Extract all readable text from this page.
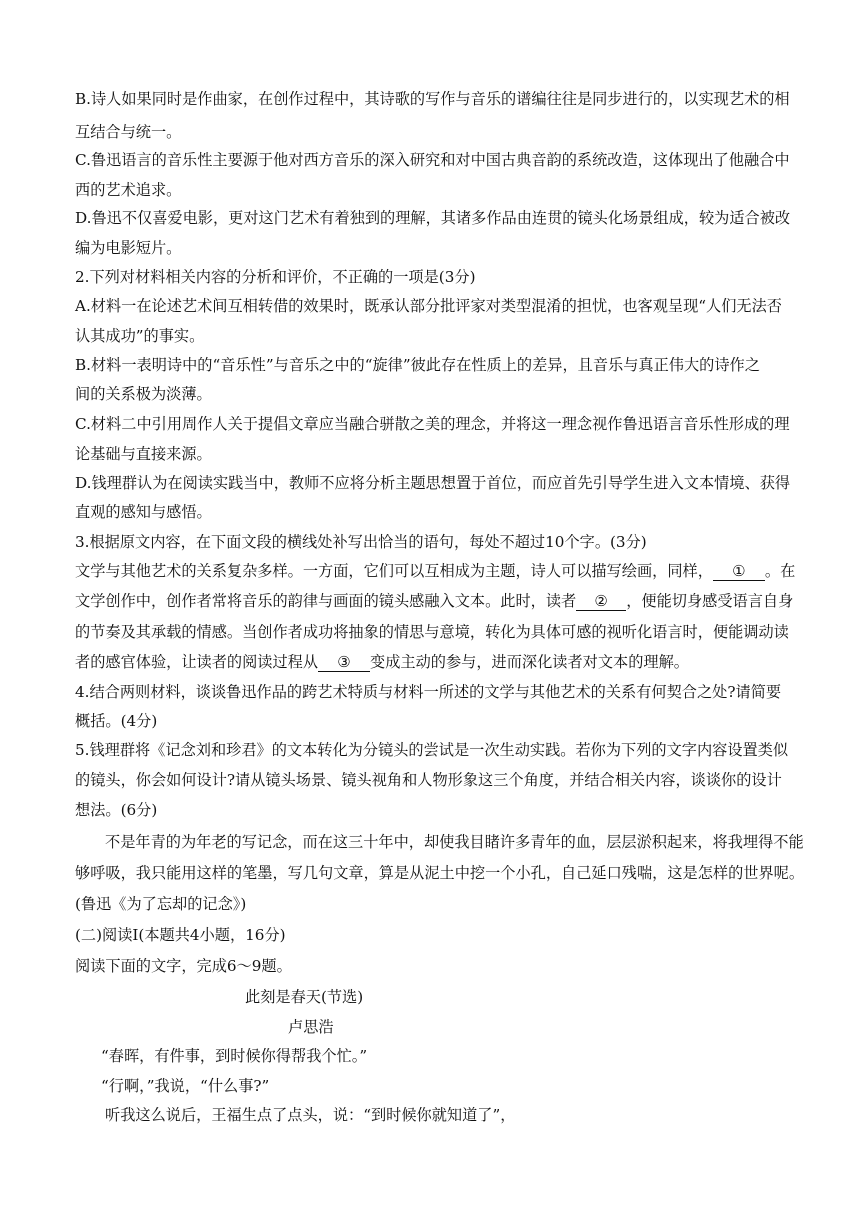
B.诗人如果同时是作曲家，在创作过程中，其诗歌的写作与音乐的谱编往往是同步进行的，以实现艺术的相
互结合与统一。
C.鲁迅语言的音乐性主要源于他对西方音乐的深入研究和对中国古典音韵的系统改造，这体现出了他融合中
西的艺术追求。
D.鲁迅不仅喜爱电影，更对这门艺术有着独到的理解，其诸多作品由连贯的镜头化场景组成，较为适合被改
编为电影短片。
2.下列对材料相关内容的分析和评价，不正确的一项是(3分)
A.材料一在论述艺术间互相转借的效果时，既承认部分批评家对类型混淆的担忧，也客观呈现“人们无法否
认其成功”的事实。
B.材料一表明诗中的“音乐性”与音乐之中的“旋律”彼此存在性质上的差异，且音乐与真正伟大的诗作之
间的关系极为淡薄。
C.材料二中引用周作人关于提倡文章应当融合骈散之美的理念，并将这一理念视作鲁迅语言音乐性形成的理
论基础与直接来源。
D.钱理群认为在阅读实践当中，教师不应将分析主题思想置于首位，而应首先引导学生进入文本情境、获得
直观的感知与感悟。
3.根据原文内容，在下面文段的横线处补写出恰当的语句，每处不超过10个字。(3分)
文学与其他艺术的关系复杂多样。一方面，它们可以互相成为主题，诗人可以描写绘画，同样， ① 。在
文学创作中，创作者常将音乐的韵律与画面的镜头感融入文本。此时，读者 ② ，便能切身感受语言自身
的节奏及其承载的情感。当创作者成功将抽象的情思与意境，转化为具体可感的视听化语言时，便能调动读
者的感官体验，让读者的阅读过程从 ③ 变成主动的参与，进而深化读者对文本的理解。
4.结合两则材料，谈谈鲁迅作品的跨艺术特质与材料一所述的文学与其他艺术的关系有何契合之处?请简要
概括。(4分)
5.钱理群将《记念刘和珍君》的文本转化为分镜头的尝试是一次生动实践。若你为下列的文字内容设置类似
的镜头，你会如何设计?请从镜头场景、镜头视角和人物形象这三个角度，并结合相关内容，谈谈你的设计
想法。(6分)
不是年青的为年老的写记念，而在这三十年中，却使我目睹许多青年的血，层层淤积起来，将我埋得不能
够呼吸，我只能用这样的笔墨，写几句文章，算是从泥土中挖一个小孔，自己延口残喘，这是怎样的世界呢。
(鲁迅《为了忘却的记念》)
(二)阅读Ⅰ(本题共4小题，16分)
阅读下面的文字，完成6～9题。
此刻是春天(节选)
卢思浩
“春晖，有件事，到时候你得帮我个忙。”
“行啊，”我说，“什么事?”
听我这么说后，王福生点了点头，说：“到时候你就知道了”，
